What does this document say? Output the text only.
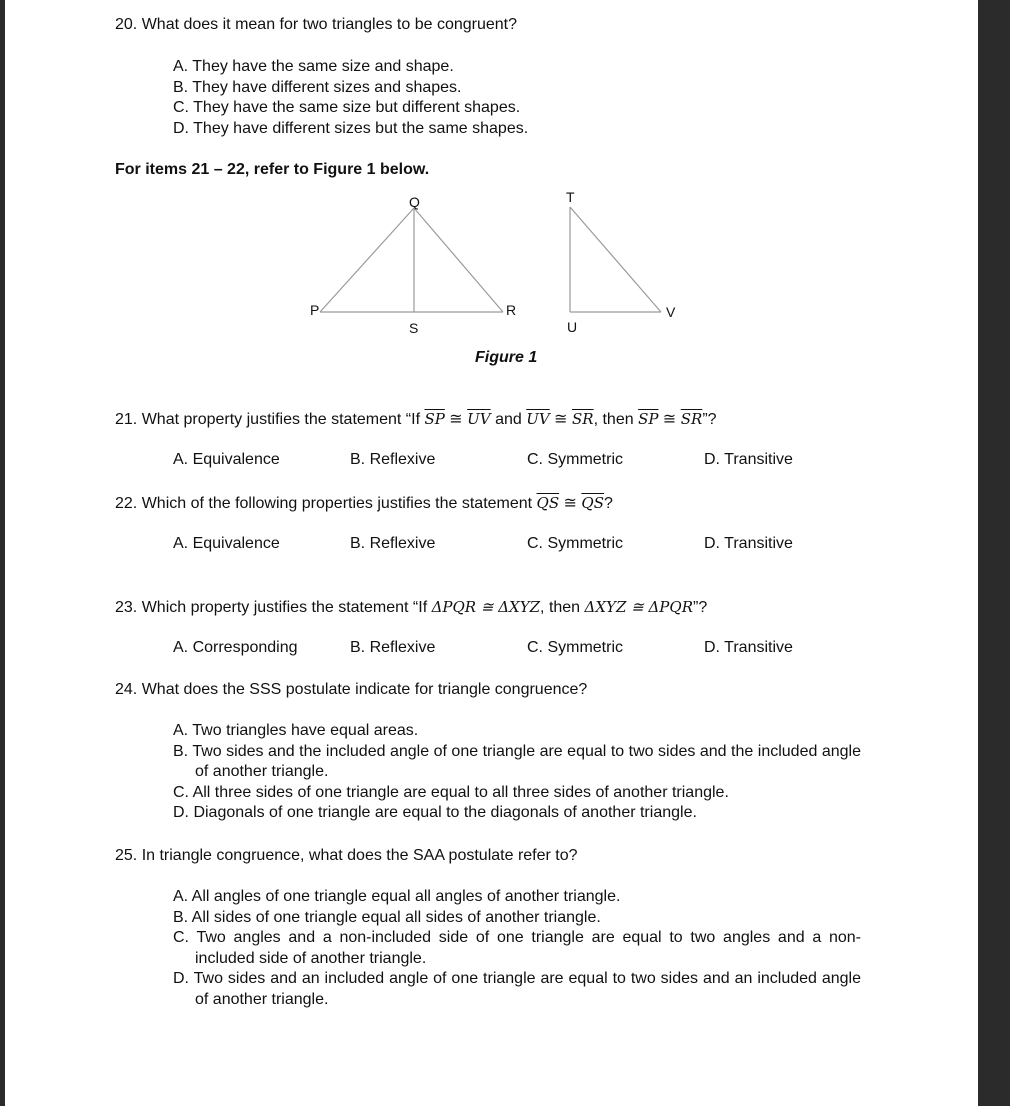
20. What does it mean for two triangles to be congruent?
A. They have the same size and shape.
B. They have different sizes and shapes.
C. They have the same size but different shapes.
D. They have different sizes but the same shapes.
For items 21 – 22, refer to Figure 1 below.
Q
P
S
R
T
U
V
Figure 1
21. What property justifies the statement “If $\overline{SP}$ ≅ $\overline{UV}$ and $\overline{UV}$ ≅ $\overline{SR}$, then $\overline{SP}$ ≅ $\overline{SR}$”?
A. Equivalence	B. Reflexive	C. Symmetric	D. Transitive
22. Which of the following properties justifies the statement $\overline{QS}$ ≅ $\overline{QS}$?
A. Equivalence	B. Reflexive	C. Symmetric	D. Transitive
23. Which property justifies the statement “If ΔPQR ≅ ΔXYZ, then ΔXYZ ≅ ΔPQR”?
A. Corresponding	B. Reflexive	C. Symmetric	D. Transitive
24. What does the SSS postulate indicate for triangle congruence?
A. Two triangles have equal areas.
B. Two sides and the included angle of one triangle are equal to two sides and the included angle of another triangle.
C. All three sides of one triangle are equal to all three sides of another triangle.
D. Diagonals of one triangle are equal to the diagonals of another triangle.
25. In triangle congruence, what does the SAA postulate refer to?
A. All angles of one triangle equal all angles of another triangle.
B. All sides of one triangle equal all sides of another triangle.
C. Two angles and a non-included side of one triangle are equal to two angles and a non-included side of another triangle.
D. Two sides and an included angle of one triangle are equal to two sides and an included angle of another triangle.
